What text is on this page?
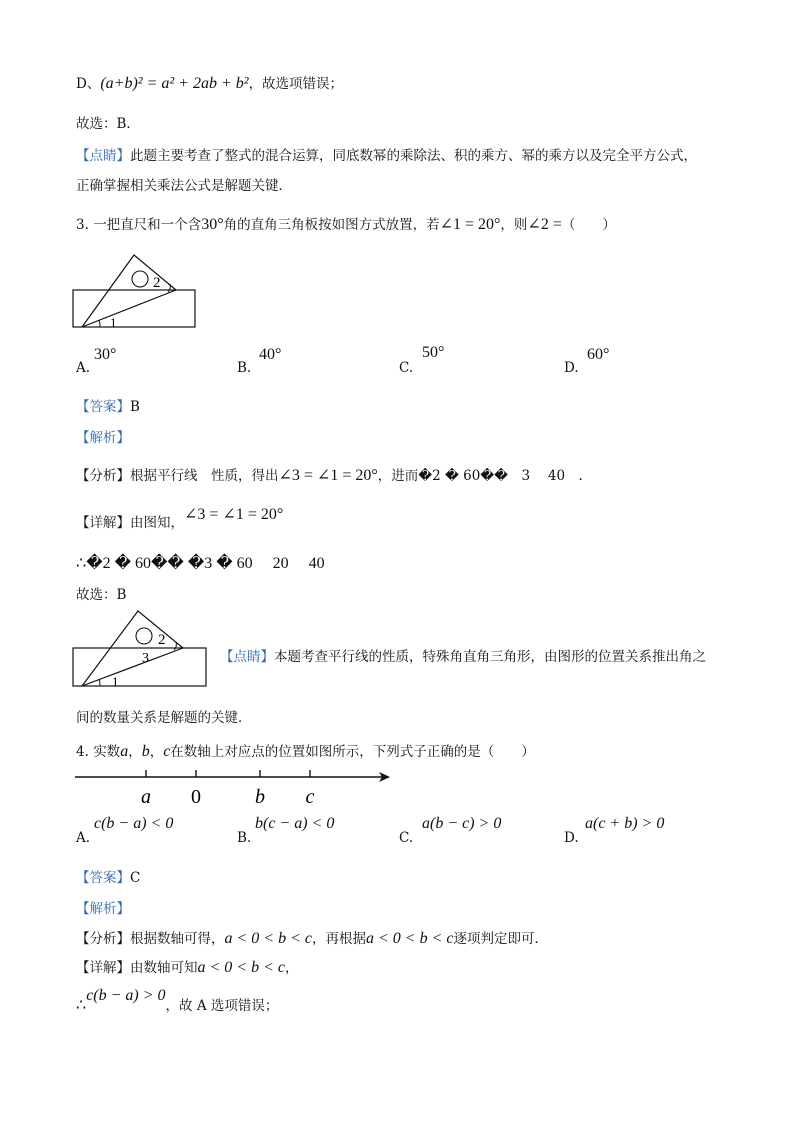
D、(a+b)² = a² + 2ab + b²，故选项错误；
故选：B．
【点睛】此题主要考查了整式的混合运算，同底数幂的乘除法、积的乘方、幂的乘方以及完全平方公式，
正确掌握相关乘法公式是解题关键．
3. 一把直尺和一个含30°角的直角三角板按如图方式放置，若∠1 = 20°，则∠2 =（　　）
1
2
A.
30°
B.
40°
C.
50°
D.
60°
【答案】B
【解析】
【分析】根据平行线　性质，得出∠3 = ∠1 = 20°，进而�2 � 60��　3　 40　.
【详解】由图知，∠3 = ∠1 = 20°
∴�2 � 60�� �3 � 60　 20　 40
故选：B
1
2
3	【点睛】本题考查平行线的性质，特殊角直角三角形，由图形的位置关系推出角之
间的数量关系是解题的关键．
4. 实数a，b，c在数轴上对应点的位置如图所示，下列式子正确的是（　　）
a 0	b c
A.
c(b − a) < 0
B.
b(c − a) < 0
C.
a(b − c) > 0
D.
a(c + b) > 0
【答案】C
【解析】
【分析】根据数轴可得，a < 0 < b < c，再根据a < 0 < b < c逐项判定即可．
【详解】由数轴可知a < 0 < b < c，
∴c(b − a) > 0，故 A 选项错误；
